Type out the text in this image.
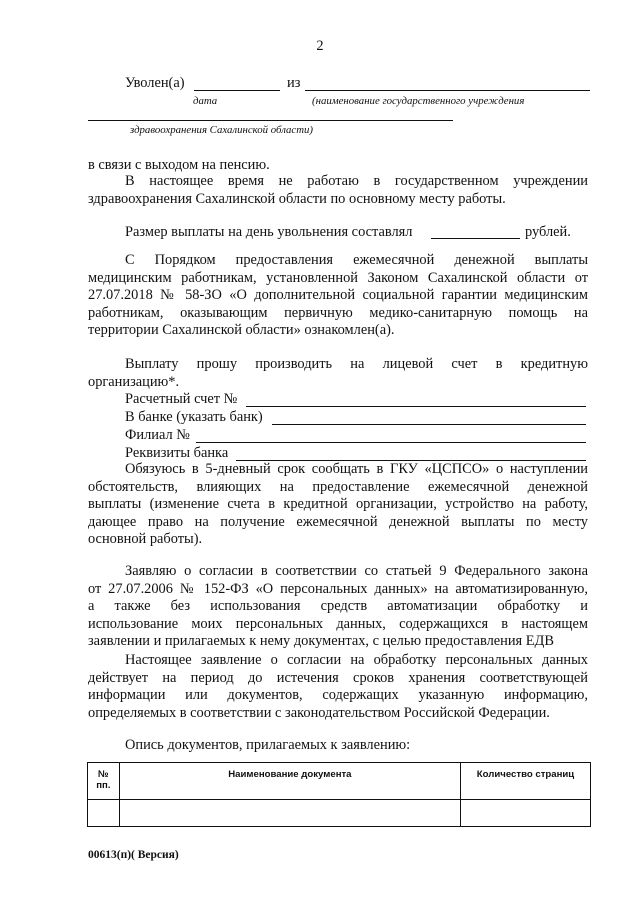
2
Уволен(а)	из
дата	(наименование государственного учреждения
здравоохранения Сахалинской области)
в связи с выходом на пенсию.
В настоящее время не работаю в государственном учреждении
здравоохранения Сахалинской области по основному месту работы.
Размер выплаты на день увольнения составлял	рублей.
С Порядком предоставления ежемесячной денежной выплаты
медицинским работникам, установленной Законом Сахалинской области от
27.07.2018 № 58-ЗО «О дополнительной социальной гарантии медицинским
работникам, оказывающим первичную медико-санитарную помощь на
территории Сахалинской области» ознакомлен(а).
Выплату прошу производить на лицевой счет в кредитную
организацию*.
Расчетный счет №
В банке (указать банк)
Филиал №
Реквизиты банка
Обязуюсь в 5-дневный срок сообщать в ГКУ «ЦСПСО» о наступлении
обстоятельств, влияющих на предоставление ежемесячной денежной
выплаты (изменение счета в кредитной организации, устройство на работу,
дающее право на получение ежемесячной денежной выплаты по месту
основной работы).
Заявляю о согласии в соответствии со статьей 9 Федерального закона
от 27.07.2006 № 152-ФЗ «О персональных данных» на автоматизированную,
а также без использования средств автоматизации обработку и
использование моих персональных данных, содержащихся в настоящем
заявлении и прилагаемых к нему документах, с целью предоставления ЕДВ
Настоящее заявление о согласии на обработку персональных данных
действует на период до истечения сроков хранения соответствующей
информации или документов, содержащих указанную информацию,
определяемых в соответствии с законодательством Российской Федерации.
Опись документов, прилагаемых к заявлению:
№
пп.	Наименование документа	Количество страниц

00613(п)( Версия)
